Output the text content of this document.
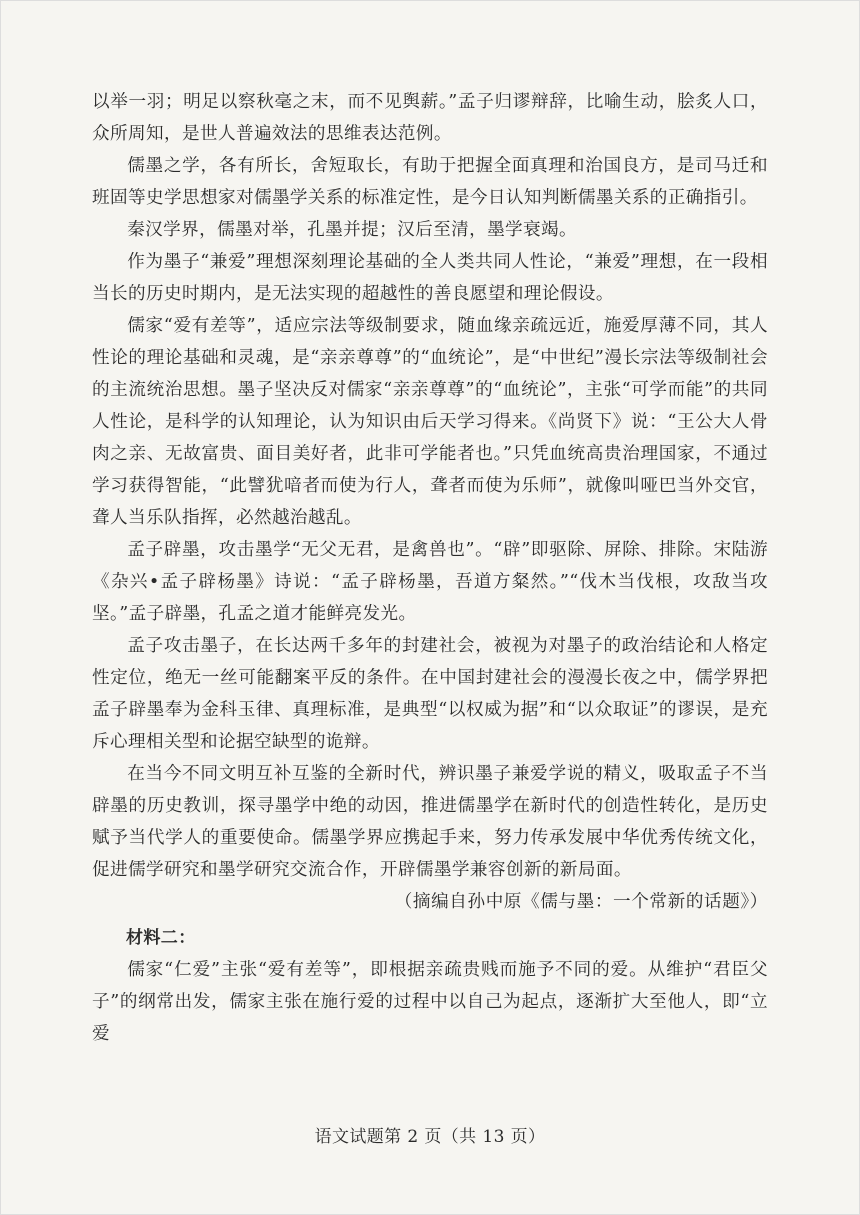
以举一羽；明足以察秋毫之末，而不见舆薪。”孟子归谬辩辞，比喻生动，脍炙人口，众所周知，是世人普遍效法的思维表达范例。

儒墨之学，各有所长，舍短取长，有助于把握全面真理和治国良方，是司马迁和班固等史学思想家对儒墨学关系的标准定性，是今日认知判断儒墨关系的正确指引。

秦汉学界，儒墨对举，孔墨并提；汉后至清，墨学衰竭。

作为墨子“兼爱”理想深刻理论基础的全人类共同人性论，“兼爱”理想，在一段相当长的历史时期内，是无法实现的超越性的善良愿望和理论假设。

儒家“爱有差等”，适应宗法等级制要求，随血缘亲疏远近，施爱厚薄不同，其人性论的理论基础和灵魂，是“亲亲尊尊”的“血统论”，是“中世纪”漫长宗法等级制社会的主流统治思想。墨子坚决反对儒家“亲亲尊尊”的“血统论”，主张“可学而能”的共同人性论，是科学的认知理论，认为知识由后天学习得来。《尚贤下》说：“王公大人骨肉之亲、无故富贵、面目美好者，此非可学能者也。”只凭血统高贵治理国家，不通过学习获得智能，“此譬犹喑者而使为行人，聋者而使为乐师”，就像叫哑巴当外交官，聋人当乐队指挥，必然越治越乱。

孟子辟墨，攻击墨学“无父无君，是禽兽也”。“辟”即驱除、屏除、排除。宋陆游《杂兴•孟子辟杨墨》诗说：“孟子辟杨墨，吾道方粲然。”“伐木当伐根，攻敌当攻坚。”孟子辟墨，孔孟之道才能鲜亮发光。

孟子攻击墨子，在长达两千多年的封建社会，被视为对墨子的政治结论和人格定性定位，绝无一丝可能翻案平反的条件。在中国封建社会的漫漫长夜之中，儒学界把孟子辟墨奉为金科玉律、真理标准，是典型“以权威为据”和“以众取证”的谬误，是充斥心理相关型和论据空缺型的诡辩。

在当今不同文明互补互鉴的全新时代，辨识墨子兼爱学说的精义，吸取孟子不当辟墨的历史教训，探寻墨学中绝的动因，推进儒墨学在新时代的创造性转化，是历史赋予当代学人的重要使命。儒墨学界应携起手来，努力传承发展中华优秀传统文化，促进儒学研究和墨学研究交流合作，开辟儒墨学兼容创新的新局面。

（摘编自孙中原《儒与墨：一个常新的话题》）

材料二：

儒家“仁爱”主张“爱有差等”，即根据亲疏贵贱而施予不同的爱。从维护“君臣父子”的纲常出发，儒家主张在施行爱的过程中以自己为起点，逐渐扩大至他人，即“立爱

语文试题第 2 页（共 13 页）
